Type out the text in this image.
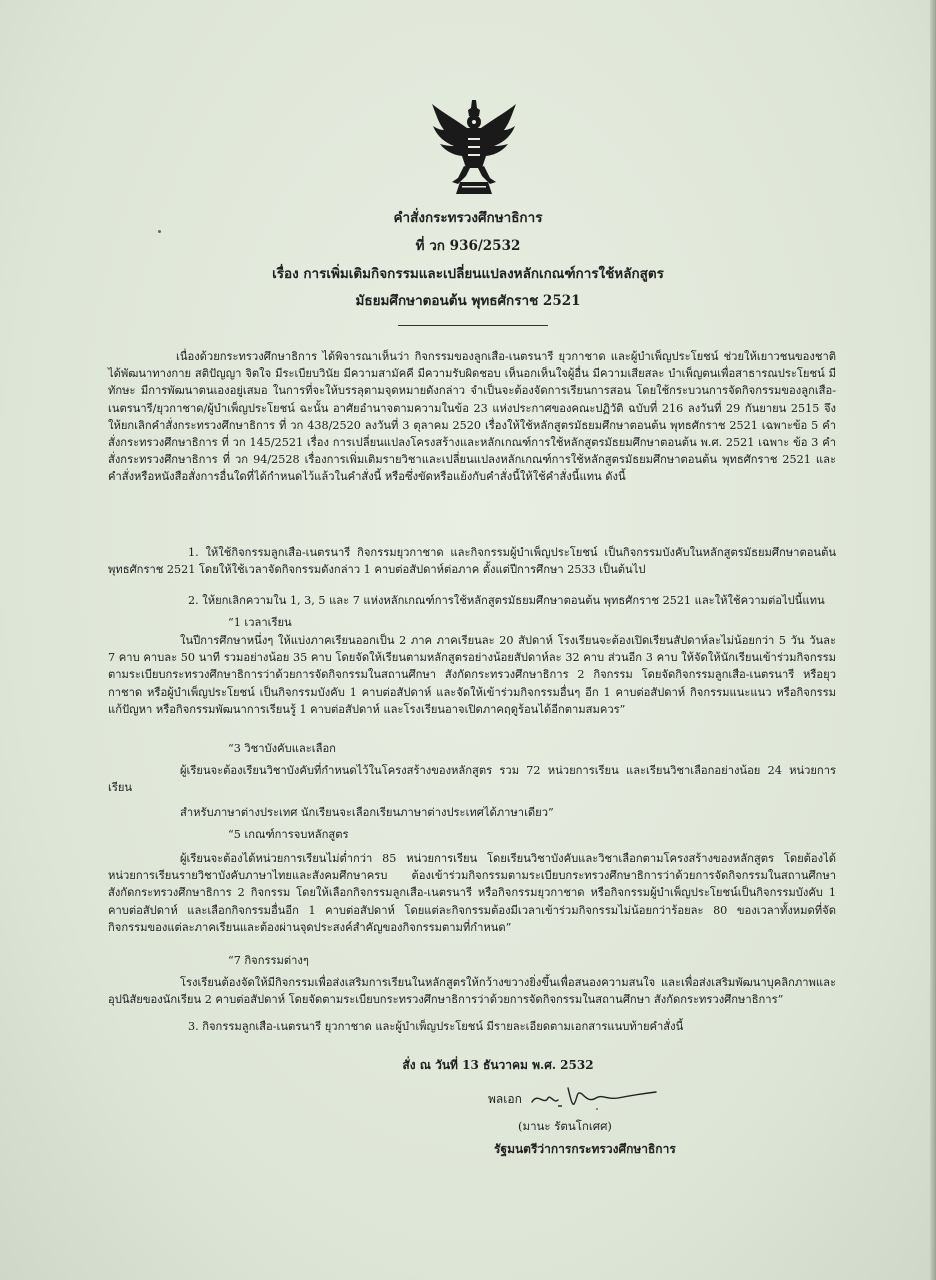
คำสั่งกระทรวงศึกษาธิการ
ที่ วก 936/2532
เรื่อง การเพิ่มเติมกิจกรรมและเปลี่ยนแปลงหลักเกณฑ์การใช้หลักสูตร
มัธยมศึกษาตอนต้น พุทธศักราช 2521
เนื่องด้วยกระทรวงศึกษาธิการ ได้พิจารณาเห็นว่า กิจกรรมของลูกเสือ-เนตรนารี ยุวกาชาด และผู้บำเพ็ญประโยชน์ ช่วยให้เยาวชนของชาติได้พัฒนาทางกาย สติปัญญา จิตใจ มีระเบียบวินัย มีความสามัคคี มีความรับผิดชอบ เห็นอกเห็นใจผู้อื่น มีความเสียสละ บำเพ็ญตนเพื่อสาธารณประโยชน์ มีทักษะ มีการพัฒนาตนเองอยู่เสมอ ในการที่จะให้บรรลุตามจุดหมายดังกล่าว จำเป็นจะต้องจัดการเรียนการสอน โดยใช้กระบวนการจัดกิจกรรมของลูกเสือ-เนตรนารี/ยุวกาชาด/ผู้บำเพ็ญประโยชน์ ฉะนั้น อาศัยอำนาจตามความในข้อ 23 แห่งประกาศของคณะปฏิวัติ ฉบับที่ 216 ลงวันที่ 29 กันยายน 2515 จึงให้ยกเลิกคำสั่งกระทรวงศึกษาธิการ ที่ วก 438/2520 ลงวันที่ 3 ตุลาคม 2520 เรื่องให้ใช้หลักสูตรมัธยมศึกษาตอนต้น พุทธศักราช 2521 เฉพาะข้อ 5 คำสั่งกระทรวงศึกษาธิการ ที่ วก 145/2521 เรื่อง การเปลี่ยนแปลงโครงสร้างและหลักเกณฑ์การใช้หลักสูตรมัธยมศึกษาตอนต้น พ.ศ. 2521 เฉพาะ ข้อ 3 คำสั่งกระทรวงศึกษาธิการ ที่ วก 94/2528 เรื่องการเพิ่มเติมรายวิชาและเปลี่ยนแปลงหลักเกณฑ์การใช้หลักสูตรมัธยมศึกษาตอนต้น พุทธศักราช 2521 และคำสั่งหรือหนังสือสั่งการอื่นใดที่ได้กำหนดไว้แล้วในคำสั่งนี้ หรือซึ่งขัดหรือแย้งกับคำสั่งนี้ให้ใช้คำสั่งนี้แทน ดังนี้
1. ให้ใช้กิจกรรมลูกเสือ-เนตรนารี กิจกรรมยุวกาชาด และกิจกรรมผู้บำเพ็ญประโยชน์ เป็นกิจกรรมบังคับในหลักสูตรมัธยมศึกษาตอนต้น พุทธศักราช 2521 โดยให้ใช้เวลาจัดกิจกรรมดังกล่าว 1 คาบต่อสัปดาห์ต่อภาค ตั้งแต่ปีการศึกษา 2533 เป็นต้นไป
2. ให้ยกเลิกความใน 1, 3, 5 และ 7 แห่งหลักเกณฑ์การใช้หลักสูตรมัธยมศึกษาตอนต้น พุทธศักราช 2521 และให้ใช้ความต่อไปนี้แทน
“1 เวลาเรียน
ในปีการศึกษาหนึ่งๆ ให้แบ่งภาคเรียนออกเป็น 2 ภาค ภาคเรียนละ 20 สัปดาห์ โรงเรียนจะต้องเปิดเรียนสัปดาห์ละไม่น้อยกว่า 5 วัน วันละ 7 คาบ คาบละ 50 นาที รวมอย่างน้อย 35 คาบ โดยจัดให้เรียนตามหลักสูตรอย่างน้อยสัปดาห์ละ 32 คาบ ส่วนอีก 3 คาบ ให้จัดให้นักเรียนเข้าร่วมกิจกรรมตามระเบียบกระทรวงศึกษาธิการว่าด้วยการจัดกิจกรรมในสถานศึกษา สังกัดกระทรวงศึกษาธิการ 2 กิจกรรม โดยจัดกิจกรรมลูกเสือ-เนตรนารี หรือยุวกาชาด หรือผู้บำเพ็ญประโยชน์ เป็นกิจกรรมบังคับ 1 คาบต่อสัปดาห์ และจัดให้เข้าร่วมกิจกรรมอื่นๆ อีก 1 คาบต่อสัปดาห์ กิจกรรมแนะแนว หรือกิจกรรมแก้ปัญหา หรือกิจกรรมพัฒนาการเรียนรู้ 1 คาบต่อสัปดาห์ และโรงเรียนอาจเปิดภาคฤดูร้อนได้อีกตามสมควร”
“3 วิชาบังคับและเลือก
ผู้เรียนจะต้องเรียนวิชาบังคับที่กำหนดไว้ในโครงสร้างของหลักสูตร รวม 72 หน่วยการเรียน และเรียนวิชาเลือกอย่างน้อย 24 หน่วยการเรียน
สำหรับภาษาต่างประเทศ นักเรียนจะเลือกเรียนภาษาต่างประเทศได้ภาษาเดียว”
“5 เกณฑ์การจบหลักสูตร
ผู้เรียนจะต้องได้หน่วยการเรียนไม่ต่ำกว่า 85 หน่วยการเรียน โดยเรียนวิชาบังคับและวิชาเลือกตามโครงสร้างของหลักสูตร โดยต้องได้หน่วยการเรียนรายวิชาบังคับภาษาไทยและสังคมศึกษาครบ ต้องเข้าร่วมกิจกรรมตามระเบียบกระทรวงศึกษาธิการว่าด้วยการจัดกิจกรรมในสถานศึกษาสังกัดกระทรวงศึกษาธิการ 2 กิจกรรม โดยให้เลือกกิจกรรมลูกเสือ-เนตรนารี หรือกิจกรรมยุวกาชาด หรือกิจกรรมผู้บำเพ็ญประโยชน์เป็นกิจกรรมบังคับ 1 คาบต่อสัปดาห์ และเลือกกิจกรรมอื่นอีก 1 คาบต่อสัปดาห์ โดยแต่ละกิจกรรมต้องมีเวลาเข้าร่วมกิจกรรมไม่น้อยกว่าร้อยละ 80 ของเวลาทั้งหมดที่จัดกิจกรรมของแต่ละภาคเรียนและต้องผ่านจุดประสงค์สำคัญของกิจกรรมตามที่กำหนด”
“7 กิจกรรมต่างๆ
โรงเรียนต้องจัดให้มีกิจกรรมเพื่อส่งเสริมการเรียนในหลักสูตรให้กว้างขวางยิ่งขึ้นเพื่อสนองความสนใจ และเพื่อส่งเสริมพัฒนาบุคลิกภาพและอุปนิสัยของนักเรียน 2 คาบต่อสัปดาห์ โดยจัดตามระเบียบกระทรวงศึกษาธิการว่าด้วยการจัดกิจกรรมในสถานศึกษา สังกัดกระทรวงศึกษาธิการ”
3. กิจกรรมลูกเสือ-เนตรนารี ยุวกาชาด และผู้บำเพ็ญประโยชน์ มีรายละเอียดตามเอกสารแนบท้ายคำสั่งนี้
สั่ง ณ วันที่ 13 ธันวาคม พ.ศ. 2532
พลเอก
(มานะ รัตนโกเศศ)
รัฐมนตรีว่าการกระทรวงศึกษาธิการ
